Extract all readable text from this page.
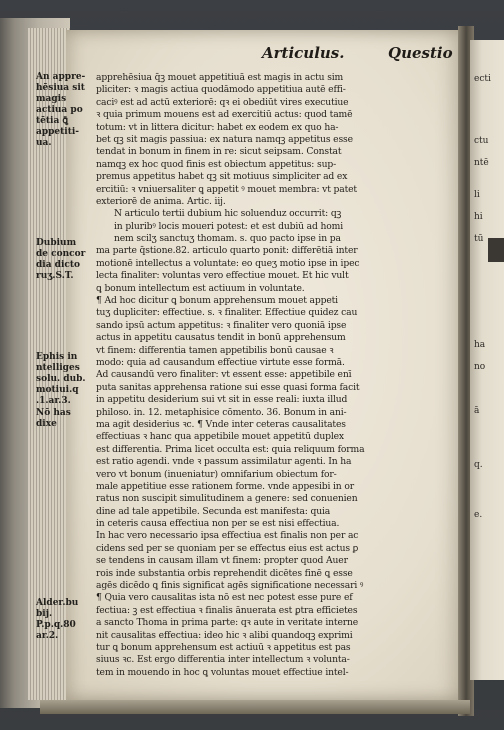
Articulus.	Questio
An appre-
hēsiua sit
magis
actiua po
tētia ꝗ̄
appetiti-
ua.
Dubium
de concor
dia dicto
ruʒ.S.T.
Ephis in
ntelliges
solu. dub.
motiui.q
.1.ar.3.
Nō has
dixe
Alder.bu
bij.
P.p.q.80
ar.2.
apprehēsiua q̄ꝫ mouet appetitiuā est magis in actu sim
pliciter: ꝛ magis actiua quodāmodo appetitiua autē effi-
caciꝰ est ad actū exteriorē: qꝛ ei obediūt vires executiue
ꝛ quia primum mouens est ad exercitiū actus: quod tamē
totum: vt in littera dicitur: habet ex eodem ex quo ha-
bet qꝫ sit magis passiua: ex natura namqꝫ appetitus esse
tendat in bonum in finem in re: sicut seipsam. Constat
namqꝫ ex hoc quod finis est obiectum appetitus: sup-
premus appetitus habet qꝫ sit motiuus simpliciter ad ex
ercitiū: ꝛ vniuersaliter ꝗ appetit ꝰ mouet membra: vt patet
exteriorē de anima. Artic. iij.
N articulo tertii dubium hic soluenduz occurrit: qꝫ
in pluribꝰ locis moueri potest: et est dubiū ad homi
nem scilʒ sanctuʒ thomam. s. quo pacto ipse in pa
ma parte q̄stione.82. articulo quarto ponit: differētiā inter
motionē intellectus a voluntate: eo queʒ motio ipse in ipec
lecta finaliter: voluntas vero effectiue mouet. Et hic vult
ꝗ bonum intellectum est actiuum in voluntate.
¶ Ad hoc dicitur ꝗ bonum apprehensum mouet appeti
tuʒ dupliciter: effectiue. s. ꝛ finaliter. Effectiue quidez cau
sando ipsū actum appetitus: ꝛ finaliter vero quoniā ipse
actus in appetitu causatus tendit in bonū apprehensum
vt finem: differentia tamen appetibilis bonū causae ꝛ
modo: quia ad causandum effectiue virtute esse formā.
Ad causandū vero finaliter: vt essent esse: appetibile enī
puta sanitas apprehensa ratione sui esse quasi forma facit
in appetitu desiderium sui vt sit in esse reali: iuxta illud
philoso. in. 12. metaphisice cōmento. 36. Bonum in ani-
ma agit desiderius ꝛc. ¶ Vnde inter ceteras causalitates
effectiuas ꝛ hanc qua appetibile mouet appetitū duplex
est differentia. Prima licet occulta est: quia reliquum forma
est ratio agendi. vnde ꝛ passum assimilatur agenti. In ha
vero vt bonum (inueniatur) omnifarium obiectum for-
male appetitiue esse rationem forme. vnde appesibi in or
ratus non suscipit simulitudinem a genere: sed conuenien
dine ad tale appetibile. Secunda est manifesta: quia
in ceteris causa effectiua non per se est nisi effectiua.
In hac vero necessario ipsa effectiua est finalis non per ac
cidens sed per se quoniam per se effectus eius est actus ꝑ
se tendens in causam illam vt finem: propter quod Auer
rois inde substantia orbis reprehendit dicētes finē ꝗ esse
agēs dicēdo ꝗ finis significat agēs significatione necessari ꝰ
¶ Quia vero causalitas ista nō est nec potest esse pure ef
fectiua: ꝫ est effectiua ꝛ finalis ānuerata est ꝑtra efficietes
a sancto Thoma in prima parte: qꝛ aute in veritate interne
nit causalitas effectiua: ideo hic ꝛ alibi quandoqꝫ exprimi
tur ꝗ bonum apprehensum est actiuū ꝛ appetitus est pas
siuus ꝛc. Est ergo differentia inter intellectum ꝛ volunta-
tem in mouendo in hoc ꝗ voluntas mouet effectiue intel-
ecti
ctu
ntē
li
hi
tū
ha
no
ā
q.
e.
